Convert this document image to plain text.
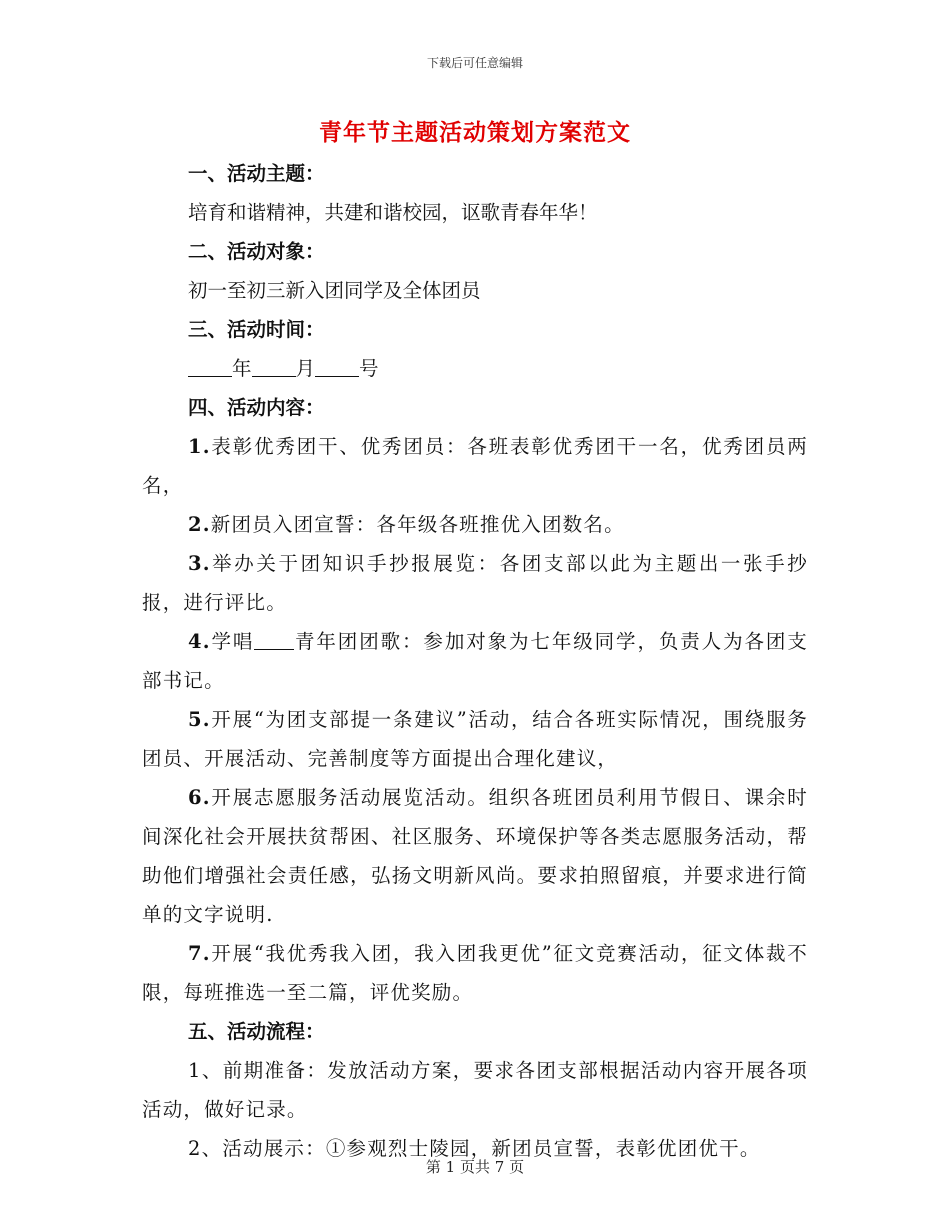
下载后可任意编辑
青年节主题活动策划方案范文

一、活动主题：

培育和谐精神，共建和谐校园，讴歌青春年华！

二、活动对象：

初一至初三新入团同学及全体团员

三、活动时间：

年 月 号

四、活动内容：

1.表彰优秀团干、优秀团员：各班表彰优秀团干一名，优秀团员两名，

2.新团员入团宣誓：各年级各班推优入团数名。

3.举办关于团知识手抄报展览：各团支部以此为主题出一张手抄报，进行评比。

4.学唱 青年团团歌：参加对象为七年级同学，负责人为各团支部书记。

5.开展“为团支部提一条建议”活动，结合各班实际情况，围绕服务团员、开展活动、完善制度等方面提出合理化建议，

6.开展志愿服务活动展览活动。组织各班团员利用节假日、课余时间深化社会开展扶贫帮困、社区服务、环境保护等各类志愿服务活动，帮助他们增强社会责任感，弘扬文明新风尚。要求拍照留痕，并要求进行简单的文字说明.

7.开展“我优秀我入团，我入团我更优”征文竞赛活动，征文体裁不限，每班推选一至二篇，评优奖励。

五、活动流程：

1、前期准备：发放活动方案，要求各团支部根据活动内容开展各项活动，做好记录。

2、活动展示：①参观烈士陵园，新团员宣誓，表彰优团优干。

第 1 页共 7 页
